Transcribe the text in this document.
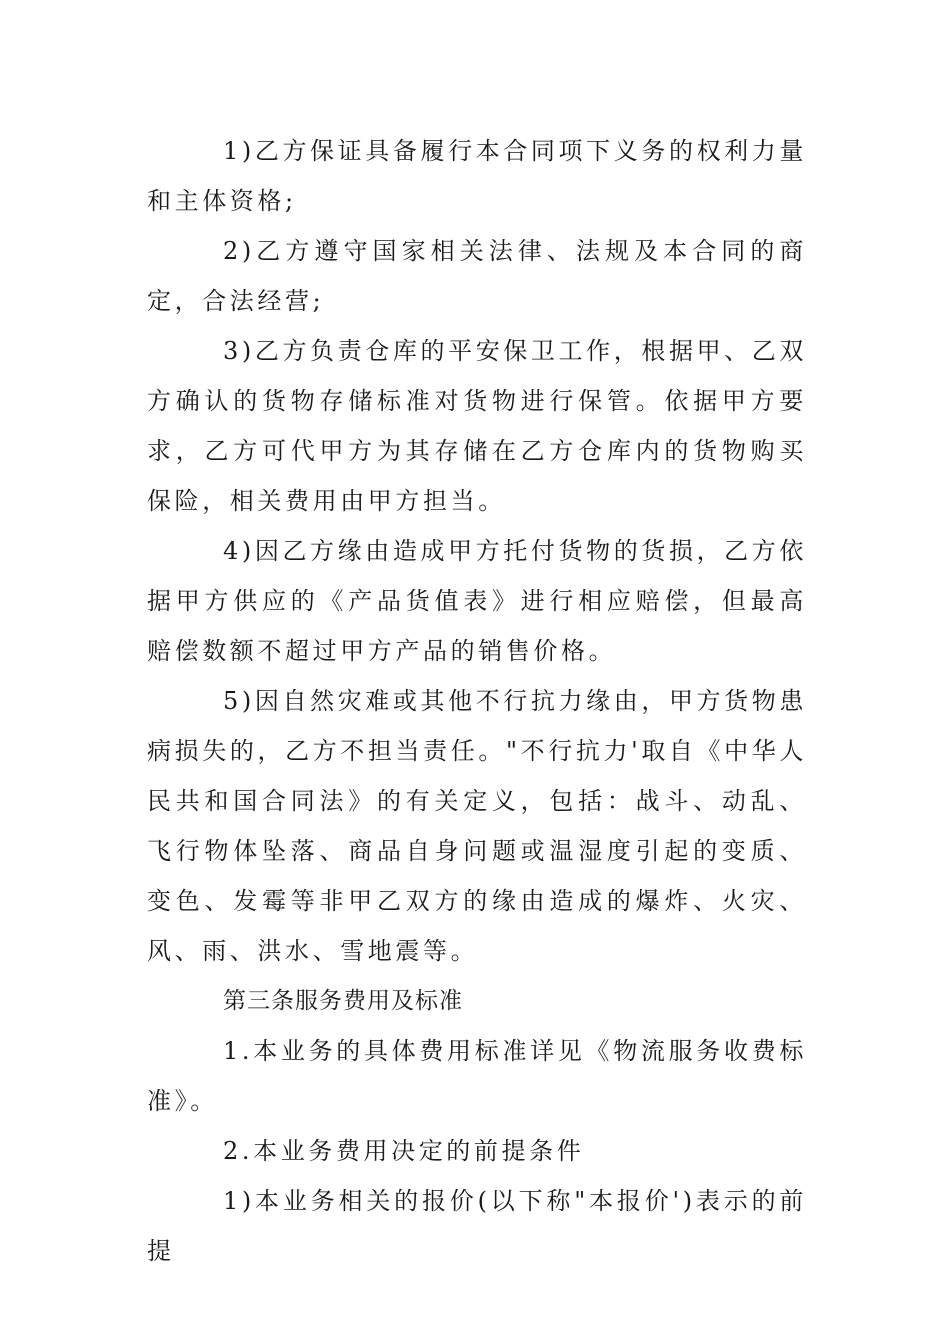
1)乙方保证具备履行本合同项下义务的权利力量和主体资格;

2)乙方遵守国家相关法律、法规及本合同的商定，合法经营;

3)乙方负责仓库的平安保卫工作，根据甲、乙双方确认的货物存储标准对货物进行保管。依据甲方要求，乙方可代甲方为其存储在乙方仓库内的货物购买保险，相关费用由甲方担当。

4)因乙方缘由造成甲方托付货物的货损，乙方依据甲方供应的《产品货值表》进行相应赔偿，但最高赔偿数额不超过甲方产品的销售价格。

5)因自然灾难或其他不行抗力缘由，甲方货物患病损失的，乙方不担当责任。"不行抗力'取自《中华人民共和国合同法》的有关定义，包括：战斗、动乱、飞行物体坠落、商品自身问题或温湿度引起的变质、变色、发霉等非甲乙双方的缘由造成的爆炸、火灾、风、雨、洪水、雪地震等。

第三条服务费用及标准

1.本业务的具体费用标准详见《物流服务收费标准》。

2.本业务费用决定的前提条件

1)本业务相关的报价(以下称"本报价')表示的前提
